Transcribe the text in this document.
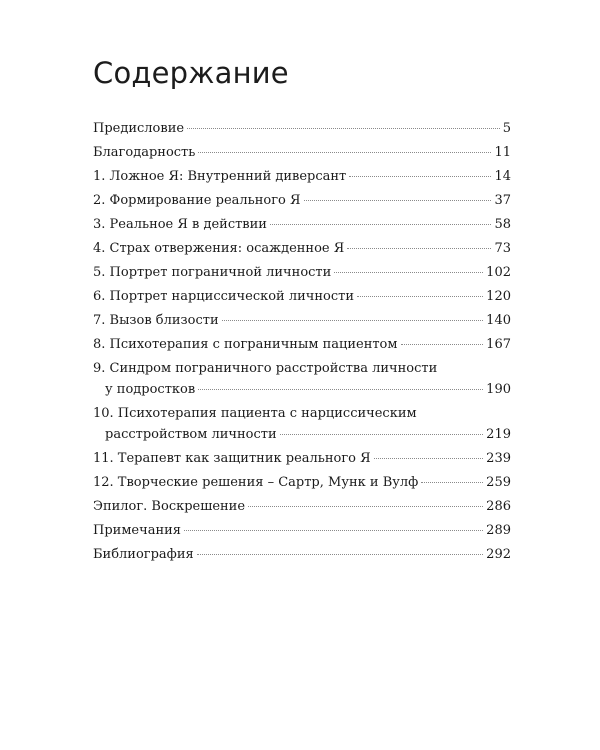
Содержание
Предисловие	5
Благодарность	11
1. Ложное Я: Внутренний диверсант	14
2. Формирование реального Я	37
3. Реальное Я в действии	58
4. Страх отвержения: осажденное Я	73
5. Портрет пограничной личности	102
6. Портрет нарциссической личности	120
7. Вызов близости	140
8. Психотерапия с пограничным пациентом	167
9. Синдром пограничного расстройства личности
у подростков	190
10. Психотерапия пациента с нарциссическим
расстройством личности	219
11. Терапевт как защитник реального Я	239
12. Творческие решения – Сартр, Мунк и Вулф	259
Эпилог. Воскрешение	286
Примечания	289
Библиография	292
